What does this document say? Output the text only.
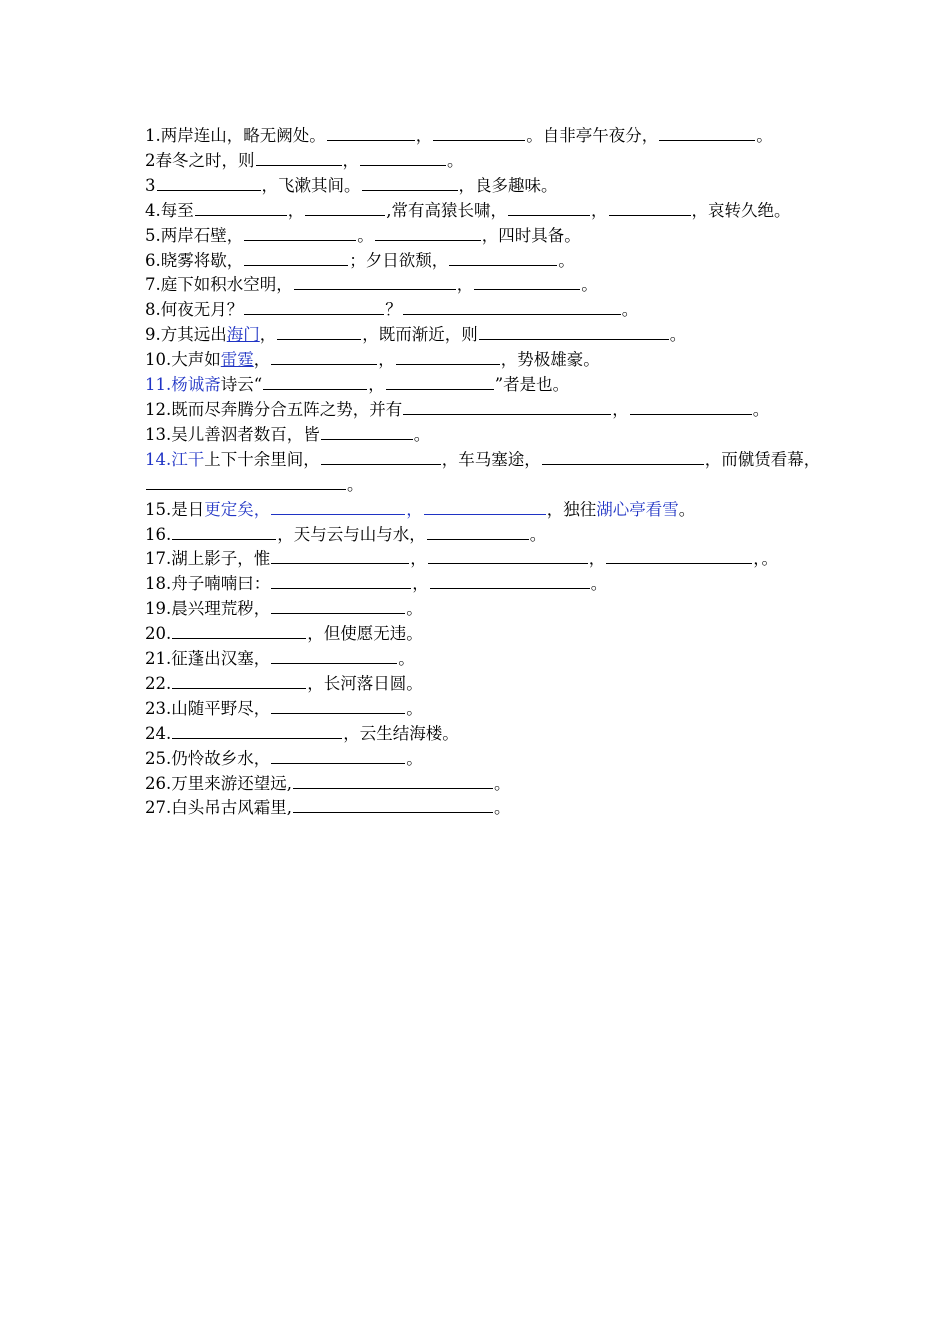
1.两岸连山，略无阙处。	，	。自非亭午夜分，	。
2春冬之时，则	，	。
3	，飞漱其间。	，良多趣味。
4.每至	，	,常有高猿长啸，	，	，哀转久绝。
5.两岸石壁，	。	，四时具备。
6.晓雾将歇，	；夕日欲颓，	。
7.庭下如积水空明，	，	。
8.何夜无月？	？	。
9.方其远出海门，	，既而渐近，则	。
10.大声如雷霆，	，	，势极雄豪。
11.杨诚斋诗云“	，	”者是也。
12.既而尽奔腾分合五阵之势，并有	，	。
13.吴儿善泅者数百，皆	。
14.江干上下十余里间，	，车马塞途，	，而僦赁看幕，。
15.是日更定矣，	，	，独往湖心亭看雪。
16.	，天与云与山与水，	。
17.湖上影子，惟	，	，	，。
18.舟子喃喃曰：	，	。
19.晨兴理荒秽，	。
20.	，但使愿无违。
21.征蓬出汉塞，	。
22.	，长河落日圆。
23.山随平野尽，	。
24.	，云生结海楼。
25.仍怜故乡水，	。
26.万里来游还望远,	。
27.白头吊古风霜里,	。
